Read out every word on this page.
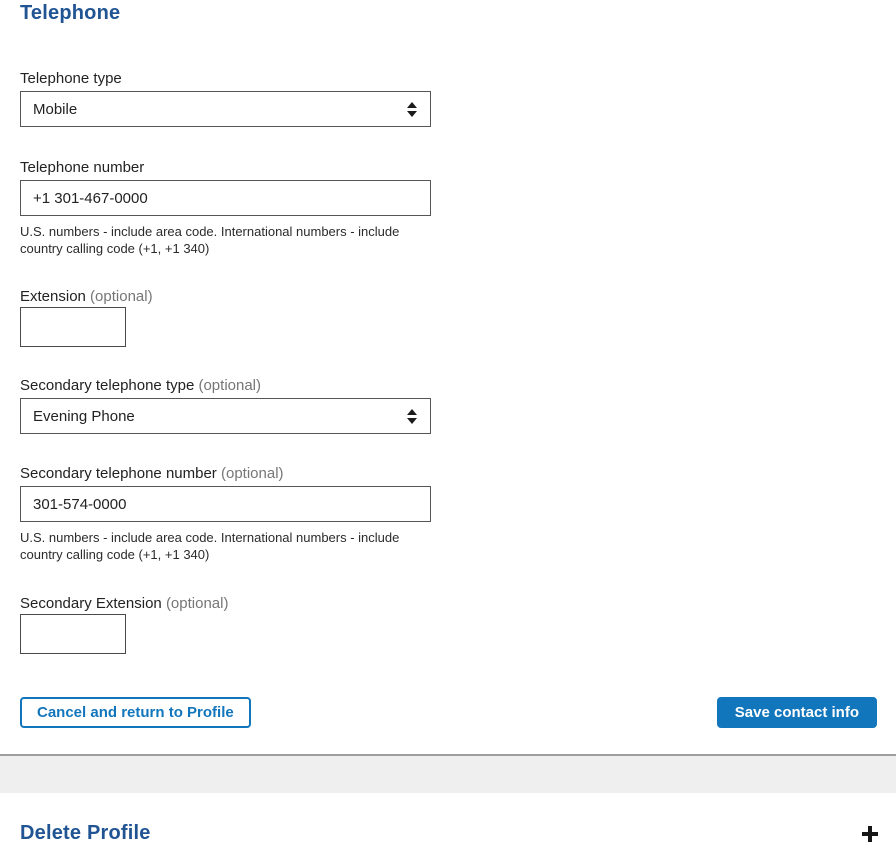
Telephone
Telephone type
Mobile
Telephone number
+1 301-467-0000
U.S. numbers - include area code. International numbers - include country calling code (+1, +1 340)
Extension (optional)
Secondary telephone type (optional)
Evening Phone
Secondary telephone number (optional)
301-574-0000
U.S. numbers - include area code. International numbers - include country calling code (+1, +1 340)
Secondary Extension (optional)
Cancel and return to Profile	Save contact info
Delete Profile
